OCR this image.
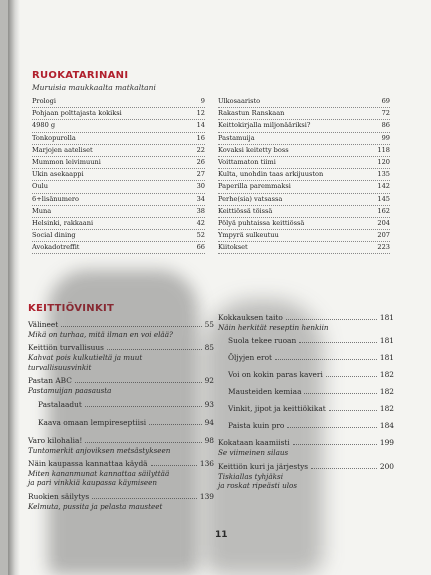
RUOKATARINANI
Muruisia maukkaalta matkaltani
Prologi	9
Pohjaan polttajasta kokiksi	12
4980 g	14
Tonkopurolla	16
Marjojen aateliset	22
Mummon leivimuuni	26
Ukin asekaappi	27
Oulu	30
6+lisänumero	34
Muna	38
Helsinki, rakkaani	42
Social dining	52
Avokadotreffit	66
Ulkosaaristo	69
Rakastun Ranskaan	72
Keittokirjalla miljonääriksi?	86
Pastamuija	99
Kovaksi keitetty boss	118
Voittamaton tiimi	120
Kulta, unohdin taas arkijuuston	135
Paperilla paremmaksi	142
Perhe(sia) vatsassa	145
Keittiössä töissä	162
Pölyä puhtaissa keittiössä	204
Ympyrä sulkeutuu	207
Kiitokset	223
KEITTIÖVINKIT
Välineet	55
Mikä on turhaa, mitä ilman en voi elää?
Keittiön turvallisuus	85
Kahvat pois kulkutieltä ja muut
turvallisuusvinkit
Pastan ABC	92
Pastamuijan paasausta
Pastalaadut	93
Kaava omaan lempireseptiisi	94
Varo kilohalia!	98
Tuntomerkit anjoviksen metsästykseen
Näin kaupassa kannattaa käydä	136
Miten kananmunat kannattaa säilyttää
ja pari vinkkiä kaupassa käymiseen
Ruokien säilytys	139
Kelmuta, pussita ja pelasta mausteet
Kokkauksen taito	181
Näin herkität reseptin henkiin
Suola tekee ruoan	181
Öljyjen erot	181
Voi on kokin paras kaveri	182
Mausteiden kemiaa	182
Vinkit, jipot ja keittiökikat	182
Paista kuin pro	184
Kokataan kaamiisti	199
Se viimeinen silaus
Keittiön kuri ja järjestys	200
Tiskiallas tyhjäksi
ja roskat ripeästi ulos
11
